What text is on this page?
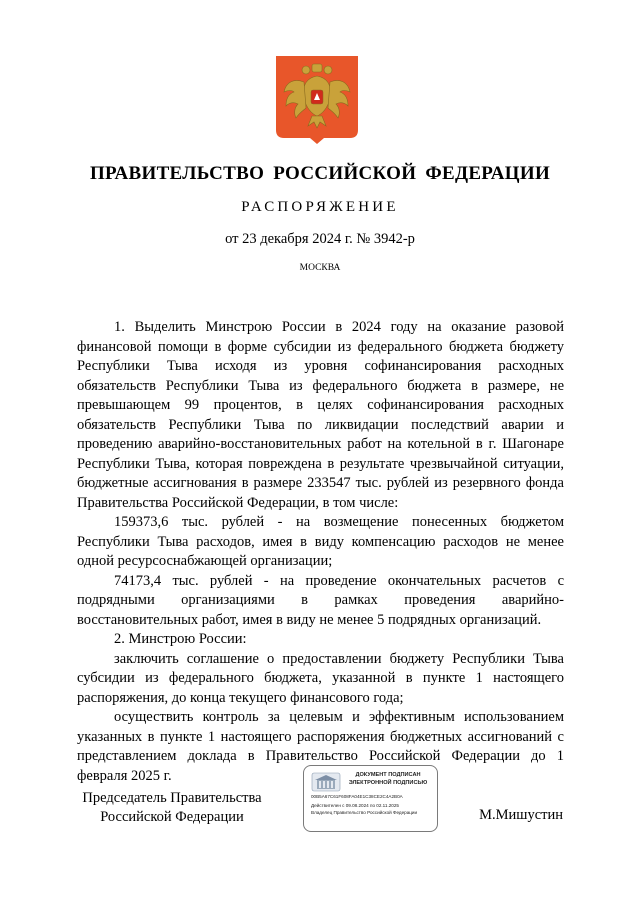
ПРАВИТЕЛЬСТВО РОССИЙСКОЙ ФЕДЕРАЦИИ
РАСПОРЯЖЕНИЕ
от 23 декабря 2024 г. № 3942-р
МОСКВА

1. Выделить Минстрою России в 2024 году на оказание разовой финансовой помощи в форме субсидии из федерального бюджета бюджету Республики Тыва исходя из уровня софинансирования расходных обязательств Республики Тыва из федерального бюджета в размере, не превышающем 99 процентов, в целях софинансирования расходных обязательств Республики Тыва по ликвидации последствий аварии и проведению аварийно-восстановительных работ на котельной в г. Шагонаре Республики Тыва, которая повреждена в результате чрезвычайной ситуации, бюджетные ассигнования в размере 233547 тыс. рублей из резервного фонда Правительства Российской Федерации, в том числе:

159373,6 тыс. рублей - на возмещение понесенных бюджетом Республики Тыва расходов, имея в виду компенсацию расходов не менее одной ресурсоснабжающей организации;

74173,4 тыс. рублей - на проведение окончательных расчетов с подрядными организациями в рамках проведения аварийно-восстановительных работ, имея в виду не менее 5 подрядных организаций.

2. Минстрою России:

заключить соглашение о предоставлении бюджету Республики Тыва субсидии из федерального бюджета, указанной в пункте 1 настоящего распоряжения, до конца текущего финансового года;

осуществить контроль за целевым и эффективным использованием указанных в пункте 1 настоящего распоряжения бюджетных ассигнований с представлением доклада в Правительство Российской Федерации до 1 февраля 2025 г.

Председатель Правительства
Российской Федерации
ДОКУМЕНТ ПОДПИСАН
ЭЛЕКТРОННОЙ ПОДПИСЬЮ
00B5A67C61F608FA04E1C38CE2C4A2B0A
Действителен с 09.08.2024 по 02.11.2025
Владелец Правительство Российской Федерации	М.Мишустин
